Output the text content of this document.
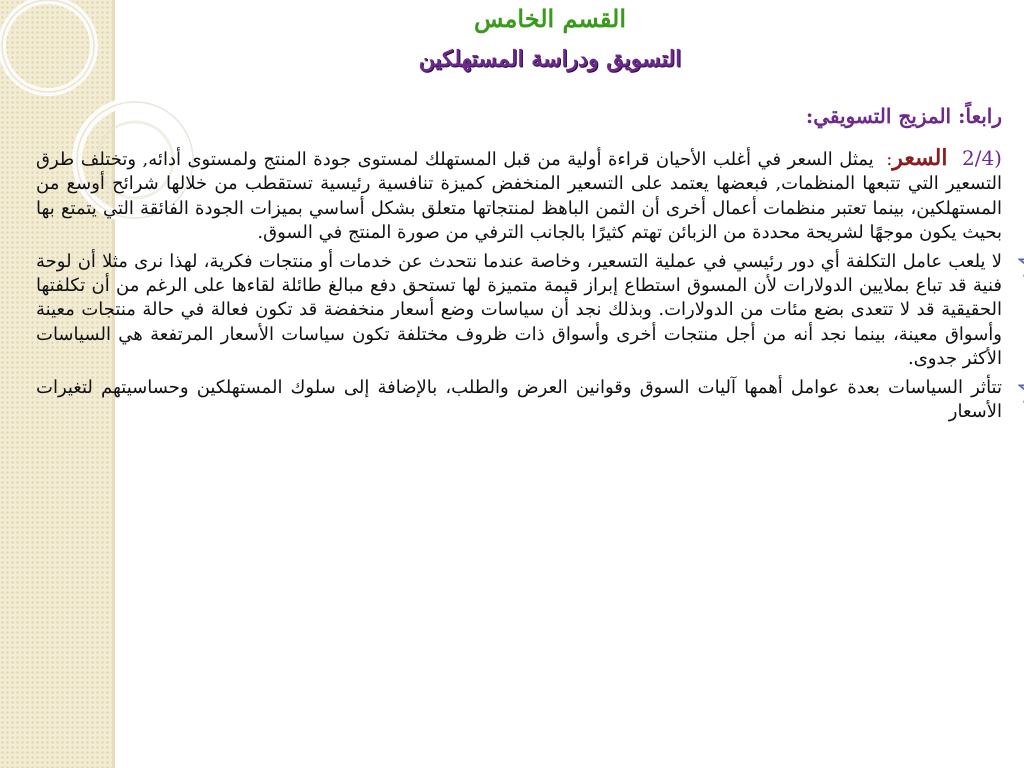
القسم الخامس
التسويق ودراسة المستهلكين
رابعاً: المزيج التسويقي:

(2/4 السعر: يمثل السعر في أغلب الأحيان قراءة أولية من قبل المستهلك لمستوى جودة المنتج ولمستوى أدائه, وتختلف طرق التسعير التي تتبعها المنظمات, فبعضها يعتمد على التسعير المنخفض كميزة تنافسية رئيسية تستقطب من خلالها شرائح أوسع من المستهلكين، بينما تعتبر منظمات أعمال أخرى أن الثمن الباهظ لمنتجاتها متعلق بشكل أساسي بميزات الجودة الفائقة التي يتمتع بها بحيث يكون موجهًا لشريحة محددة من الزبائن تهتم كثيرًا بالجانب الترفي من صورة المنتج في السوق.

لا يلعب عامل التكلفة أي دور رئيسي في عملية التسعير، وخاصة عندما نتحدث عن خدمات أو منتجات فكرية، لهذا نرى مثلا أن لوحة فنية قد تباع بملايين الدولارات لأن المسوق استطاع إبراز قيمة متميزة لها تستحق دفع مبالغ طائلة لقاءها على الرغم من أن تكلفتها الحقيقية قد لا تتعدى بضع مئات من الدولارات. وبذلك نجد أن سياسات وضع أسعار منخفضة قد تكون فعالة في حالة منتجات معينة وأسواق معينة، بينما نجد أنه من أجل منتجات أخرى وأسواق ذات ظروف مختلفة تكون سياسات الأسعار المرتفعة هي السياسات الأكثر جدوى.

تتأثر السياسات بعدة عوامل أهمها آليات السوق وقوانين العرض والطلب، بالإضافة إلى سلوك المستهلكين وحساسيتهم لتغيرات الأسعار
